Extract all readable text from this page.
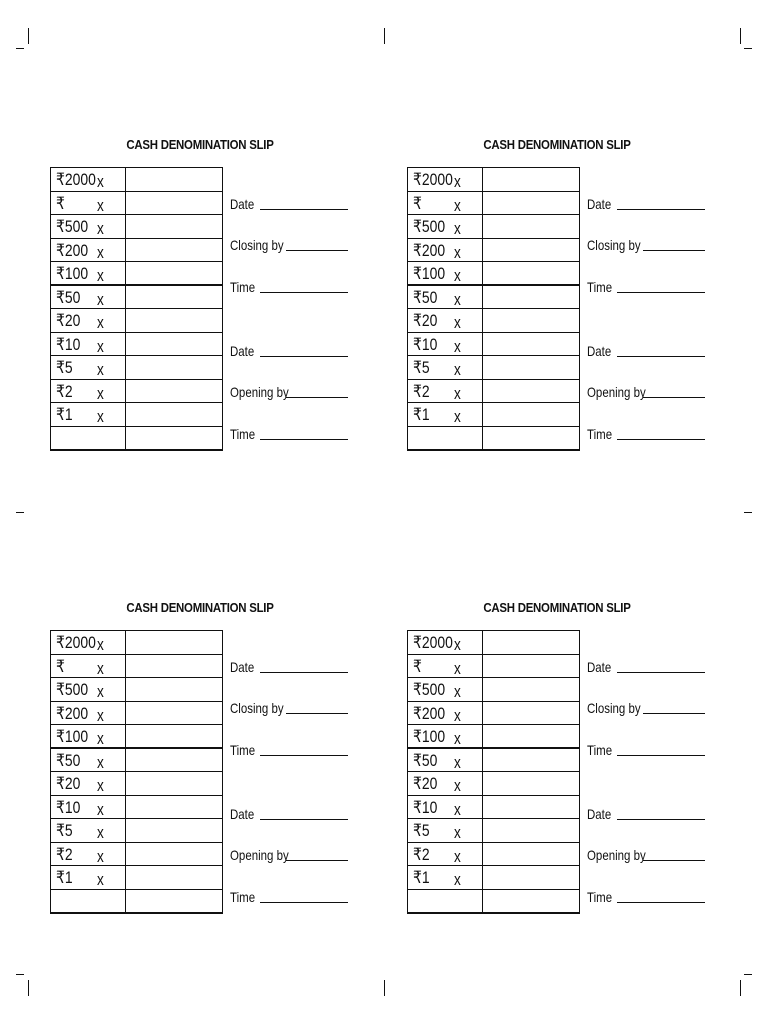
CASH DENOMINATION SLIP
₹2000 x	

₹ x	

₹500 x	

₹200 x	

₹100 x	

₹50 x	

₹20 x	

₹10 x	

₹5 x	

₹2 x	

₹1 x	

Date
Closing by
Time
Date
Opening by
Time
CASH DENOMINATION SLIP
₹2000 x	

₹ x	

₹500 x	

₹200 x	

₹100 x	

₹50 x	

₹20 x	

₹10 x	

₹5 x	

₹2 x	

₹1 x	

Date
Closing by
Time
Date
Opening by
Time
CASH DENOMINATION SLIP
₹2000 x	

₹ x	

₹500 x	

₹200 x	

₹100 x	

₹50 x	

₹20 x	

₹10 x	

₹5 x	

₹2 x	

₹1 x	

Date
Closing by
Time
Date
Opening by
Time
CASH DENOMINATION SLIP
₹2000 x	

₹ x	

₹500 x	

₹200 x	

₹100 x	

₹50 x	

₹20 x	

₹10 x	

₹5 x	

₹2 x	

₹1 x	

Date
Closing by
Time
Date
Opening by
Time
